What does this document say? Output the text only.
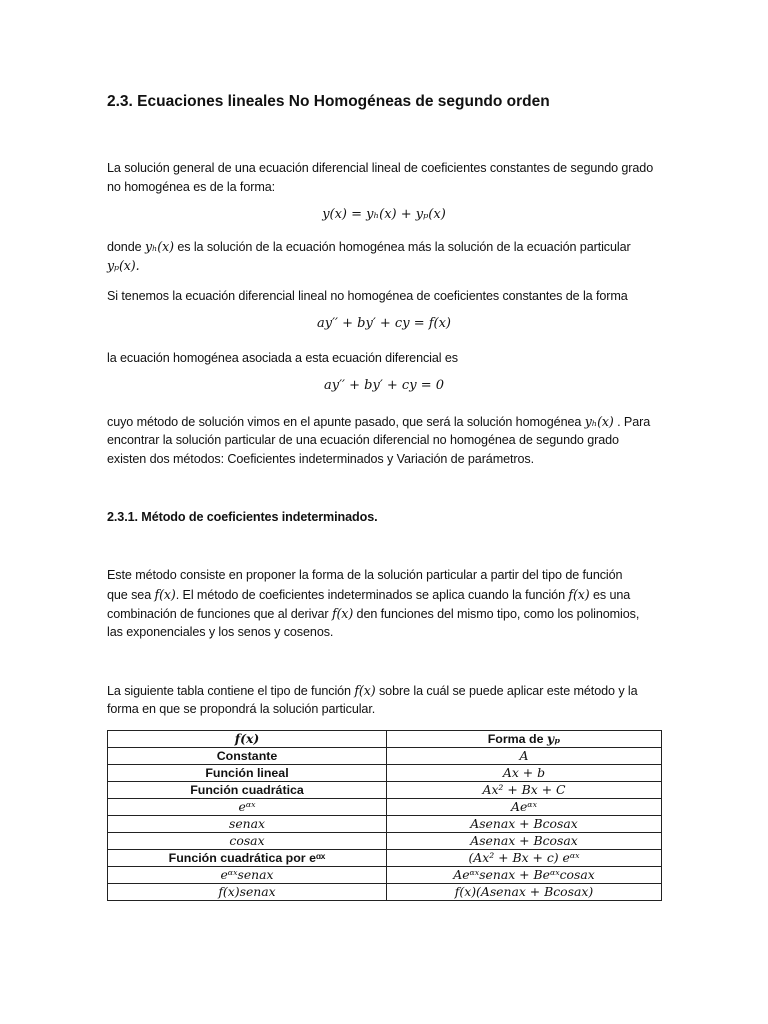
2.3. Ecuaciones lineales No Homogéneas de segundo orden
La solución general de una ecuación diferencial lineal de coeficientes constantes de segundo grado
no homogénea es de la forma:
y(x) = yₕ(x) + yₚ(x)
donde yₕ(x) es la solución de la ecuación homogénea más la solución de la ecuación particular
yₚ(x).
Si tenemos la ecuación diferencial lineal no homogénea de coeficientes constantes de la forma
ay′′ + by′ + cy = f(x)
la ecuación homogénea asociada a esta ecuación diferencial es
ay′′ + by′ + cy = 0
cuyo método de solución vimos en el apunte pasado, que será la solución homogénea yₕ(x) . Para
encontrar la solución particular de una ecuación diferencial no homogénea de segundo grado
existen dos métodos: Coeficientes indeterminados y Variación de parámetros.
2.3.1. Método de coeficientes indeterminados.
Este método consiste en proponer la forma de la solución particular a partir del tipo de función
que sea f(x). El método de coeficientes indeterminados se aplica cuando la función f(x) es una
combinación de funciones que al derivar f(x) den funciones del mismo tipo, como los polinomios,
las exponenciales y los senos y cosenos.
La siguiente tabla contiene el tipo de función f(x) sobre la cuál se puede aplicar este método y la
forma en que se propondrá la solución particular.
f(x)	Forma de yₚ
Constante	A
Función lineal	Ax + b
Función cuadrática	Ax² + Bx + C
eᵅˣ	Aeᵅˣ
senax	Asenax + Bcosax
cosax	Asenax + Bcosax
Función cuadrática por eᵅˣ	(Ax² + Bx + c) eᵅˣ
eᵅˣsenax	Aeᵅˣsenax + Beᵅˣcosax
f(x)senax	f(x)(Asenax + Bcosax)
